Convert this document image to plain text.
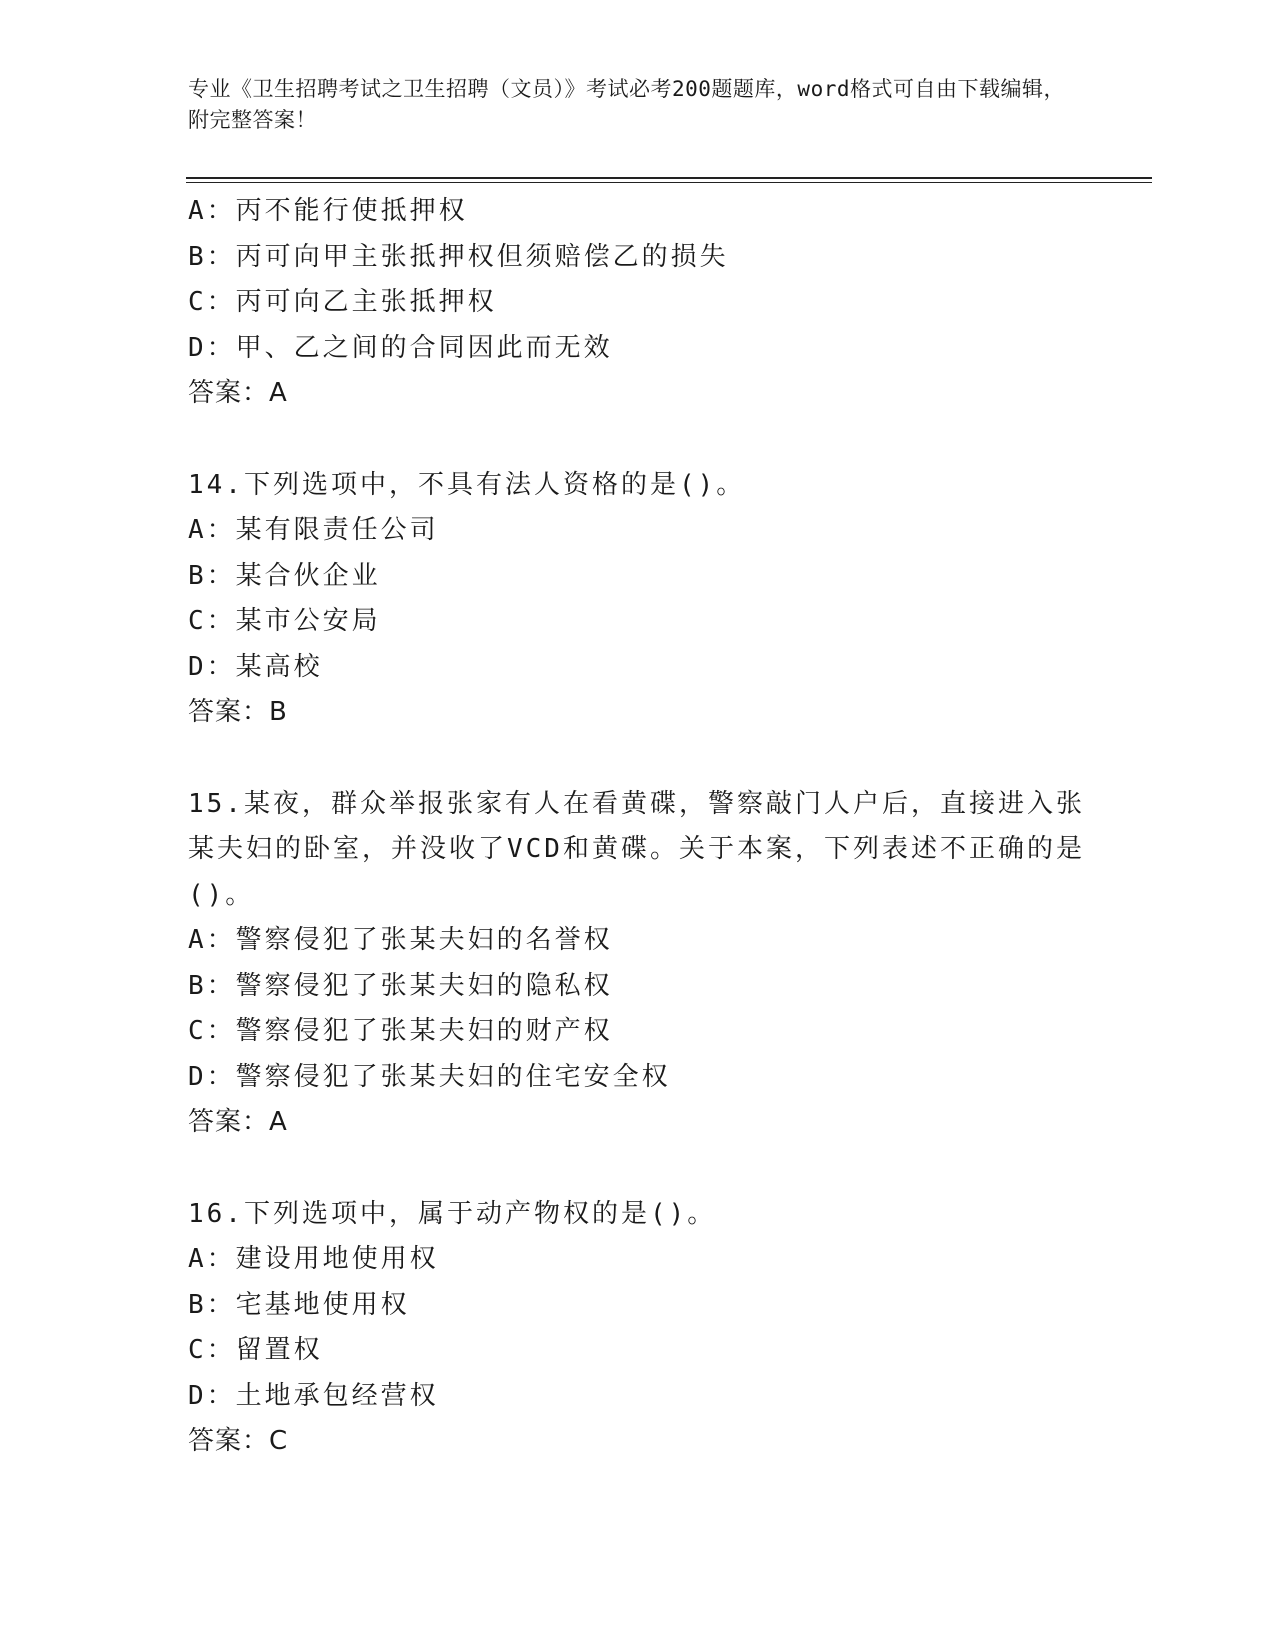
专业《卫生招聘考试之卫生招聘（文员）》考试必考200题题库，word格式可自由下载编辑，附完整答案！

A：丙不能行使抵押权

B：丙可向甲主张抵押权但须赔偿乙的损失

C：丙可向乙主张抵押权

D：甲、乙之间的合同因此而无效

答案：A

14.下列选项中，不具有法人资格的是()。

A：某有限责任公司

B：某合伙企业

C：某市公安局

D：某高校

答案：B

15.某夜，群众举报张家有人在看黄碟，警察敲门人户后，直接进入张某夫妇的卧室，并没收了VCD和黄碟。关于本案，下列表述不正确的是()。

A：警察侵犯了张某夫妇的名誉权

B：警察侵犯了张某夫妇的隐私权

C：警察侵犯了张某夫妇的财产权

D：警察侵犯了张某夫妇的住宅安全权

答案：A

16.下列选项中，属于动产物权的是()。

A：建设用地使用权

B：宅基地使用权

C：留置权

D：土地承包经营权

答案：C
